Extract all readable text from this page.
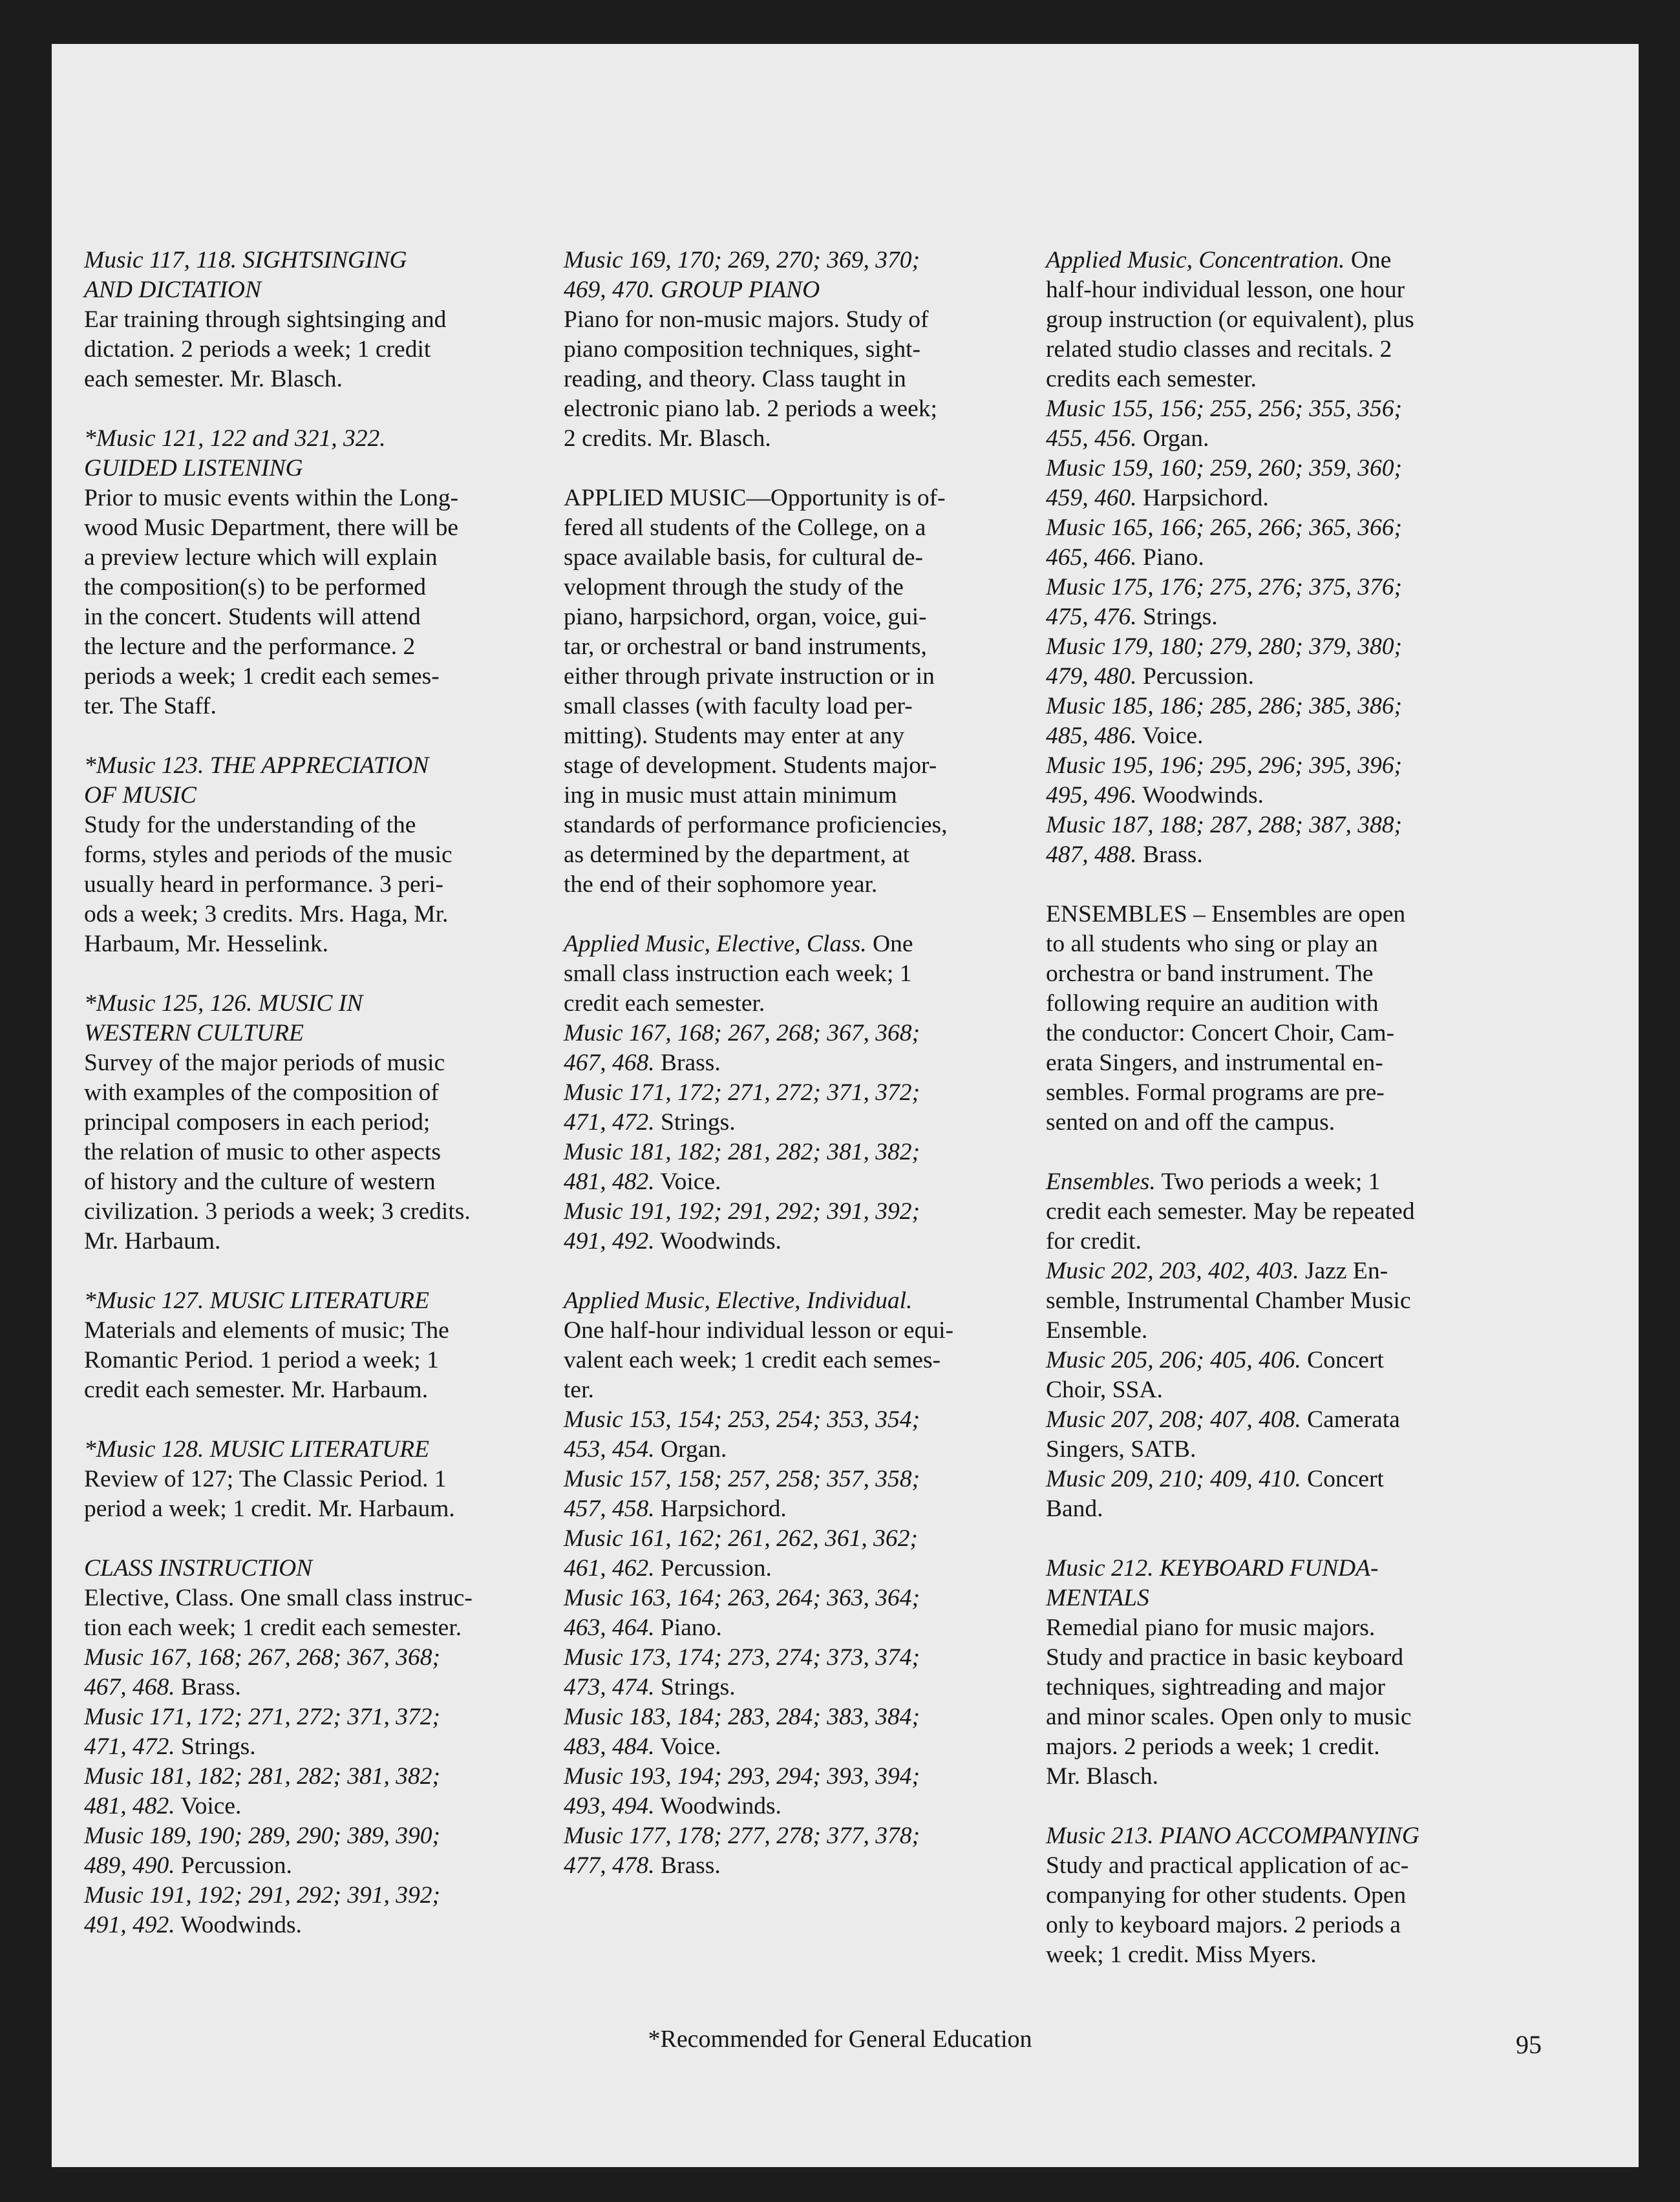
Music 117, 118. SIGHTSINGING
AND DICTATION
Ear training through sightsinging and
dictation. 2 periods a week; 1 credit
each semester. Mr. Blasch.
*Music 121, 122 and 321, 322.
GUIDED LISTENING
Prior to music events within the Long-
wood Music Department, there will be
a preview lecture which will explain
the composition(s) to be performed
in the concert. Students will attend
the lecture and the performance. 2
periods a week; 1 credit each semes-
ter. The Staff.
*Music 123. THE APPRECIATION
OF MUSIC
Study for the understanding of the
forms, styles and periods of the music
usually heard in performance. 3 peri-
ods a week; 3 credits. Mrs. Haga, Mr.
Harbaum, Mr. Hesselink.
*Music 125, 126. MUSIC IN
WESTERN CULTURE
Survey of the major periods of music
with examples of the composition of
principal composers in each period;
the relation of music to other aspects
of history and the culture of western
civilization. 3 periods a week; 3 credits.
Mr. Harbaum.
*Music 127. MUSIC LITERATURE
Materials and elements of music; The
Romantic Period. 1 period a week; 1
credit each semester. Mr. Harbaum.
*Music 128. MUSIC LITERATURE
Review of 127; The Classic Period. 1
period a week; 1 credit. Mr. Harbaum.
CLASS INSTRUCTION
Elective, Class. One small class instruc-
tion each week; 1 credit each semester.
Music 167, 168; 267, 268; 367, 368;
467, 468. Brass.
Music 171, 172; 271, 272; 371, 372;
471, 472. Strings.
Music 181, 182; 281, 282; 381, 382;
481, 482. Voice.
Music 189, 190; 289, 290; 389, 390;
489, 490. Percussion.
Music 191, 192; 291, 292; 391, 392;
491, 492. Woodwinds.
Music 169, 170; 269, 270; 369, 370;
469, 470. GROUP PIANO
Piano for non-music majors. Study of
piano composition techniques, sight-
reading, and theory. Class taught in
electronic piano lab. 2 periods a week;
2 credits. Mr. Blasch.
APPLIED MUSIC—Opportunity is of-
fered all students of the College, on a
space available basis, for cultural de-
velopment through the study of the
piano, harpsichord, organ, voice, gui-
tar, or orchestral or band instruments,
either through private instruction or in
small classes (with faculty load per-
mitting). Students may enter at any
stage of development. Students major-
ing in music must attain minimum
standards of performance proficiencies,
as determined by the department, at
the end of their sophomore year.
Applied Music, Elective, Class. One
small class instruction each week; 1
credit each semester.
Music 167, 168; 267, 268; 367, 368;
467, 468. Brass.
Music 171, 172; 271, 272; 371, 372;
471, 472. Strings.
Music 181, 182; 281, 282; 381, 382;
481, 482. Voice.
Music 191, 192; 291, 292; 391, 392;
491, 492. Woodwinds.
Applied Music, Elective, Individual.
One half-hour individual lesson or equi-
valent each week; 1 credit each semes-
ter.
Music 153, 154; 253, 254; 353, 354;
453, 454. Organ.
Music 157, 158; 257, 258; 357, 358;
457, 458. Harpsichord.
Music 161, 162; 261, 262, 361, 362;
461, 462. Percussion.
Music 163, 164; 263, 264; 363, 364;
463, 464. Piano.
Music 173, 174; 273, 274; 373, 374;
473, 474. Strings.
Music 183, 184; 283, 284; 383, 384;
483, 484. Voice.
Music 193, 194; 293, 294; 393, 394;
493, 494. Woodwinds.
Music 177, 178; 277, 278; 377, 378;
477, 478. Brass.
Applied Music, Concentration. One
half-hour individual lesson, one hour
group instruction (or equivalent), plus
related studio classes and recitals. 2
credits each semester.
Music 155, 156; 255, 256; 355, 356;
455, 456. Organ.
Music 159, 160; 259, 260; 359, 360;
459, 460. Harpsichord.
Music 165, 166; 265, 266; 365, 366;
465, 466. Piano.
Music 175, 176; 275, 276; 375, 376;
475, 476. Strings.
Music 179, 180; 279, 280; 379, 380;
479, 480. Percussion.
Music 185, 186; 285, 286; 385, 386;
485, 486. Voice.
Music 195, 196; 295, 296; 395, 396;
495, 496. Woodwinds.
Music 187, 188; 287, 288; 387, 388;
487, 488. Brass.
ENSEMBLES – Ensembles are open
to all students who sing or play an
orchestra or band instrument. The
following require an audition with
the conductor: Concert Choir, Cam-
erata Singers, and instrumental en-
sembles. Formal programs are pre-
sented on and off the campus.
Ensembles. Two periods a week; 1
credit each semester. May be repeated
for credit.
Music 202, 203, 402, 403. Jazz En-
semble, Instrumental Chamber Music
Ensemble.
Music 205, 206; 405, 406. Concert
Choir, SSA.
Music 207, 208; 407, 408. Camerata
Singers, SATB.
Music 209, 210; 409, 410. Concert
Band.
Music 212. KEYBOARD FUNDA-
MENTALS
Remedial piano for music majors.
Study and practice in basic keyboard
techniques, sightreading and major
and minor scales. Open only to music
majors. 2 periods a week; 1 credit.
Mr. Blasch.
Music 213. PIANO ACCOMPANYING
Study and practical application of ac-
companying for other students. Open
only to keyboard majors. 2 periods a
week; 1 credit. Miss Myers.
*Recommended for General Education	95
